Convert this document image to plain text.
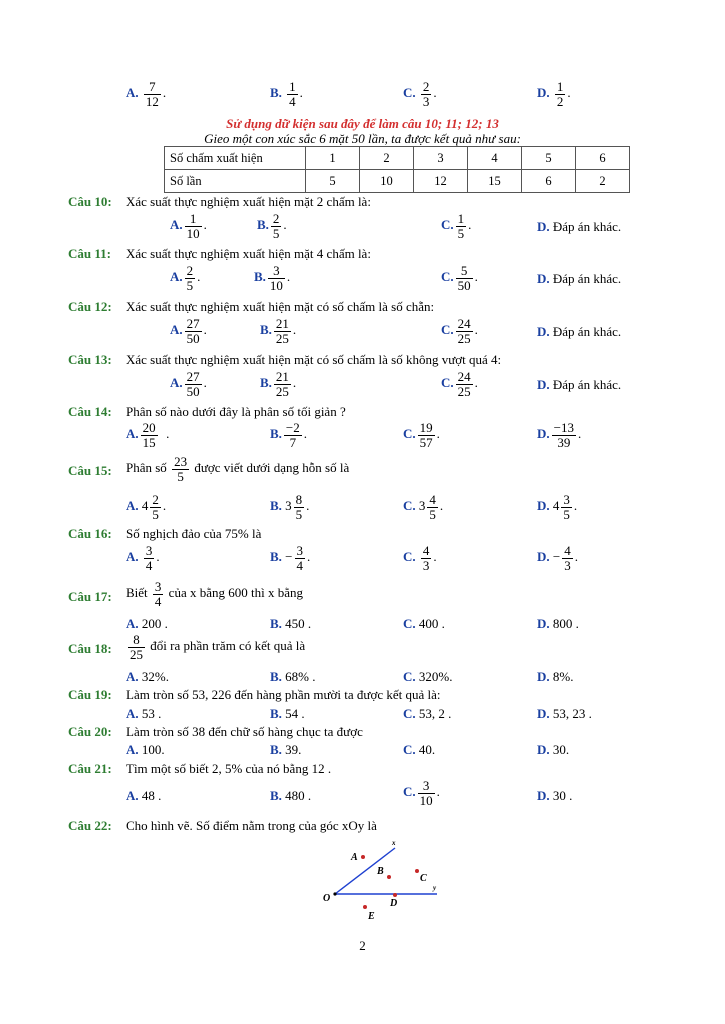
A. $\frac{7}{12}$ .	B. $\frac{1}{4}$ .	C. $\frac{2}{3}$ .	D. $\frac{1}{2}$ .
Sử dụng dữ kiện sau đây để làm câu 10; 11; 12; 13
Gieo một con xúc sắc 6 mặt 50 lần, ta được kết quả như sau:
Số chấm xuất hiện	1	2	3	4	5	6
Số lần	5	10	12	15	6	2
Câu 10: Xác suất thực nghiệm xuất hiện mặt 2 chấm là:
A. $\frac{1}{10}$ .	B. $\frac{2}{5}$ .	C. $\frac{1}{5}$ .	D. Đáp án khác.
Câu 11: Xác suất thực nghiệm xuất hiện mặt 4 chấm là:
A. $\frac{2}{5}$ .	B. $\frac{3}{10}$ .	C. $\frac{5}{50}$ .	D. Đáp án khác.
Câu 12: Xác suất thực nghiệm xuất hiện mặt có số chấm là số chẵn:
A. $\frac{27}{50}$ .	B. $\frac{21}{25}$ .	C. $\frac{24}{25}$ .	D. Đáp án khác.
Câu 13: Xác suất thực nghiệm xuất hiện mặt có số chấm là số không vượt quá 4:
A. $\frac{27}{50}$ .	B. $\frac{21}{25}$ .	C. $\frac{24}{25}$ .	D. Đáp án khác.
Câu 14: Phân số nào dưới đây là phân số tối giản ?
A. $\frac{20}{15}$ .	B. $\frac{-2}{7}$ .	C. $\frac{19}{57}$ .	D. $\frac{-13}{39}$ .
Câu 15: Phân số $\frac{23}{5}$ được viết dưới dạng hỗn số là
A. $4 \frac{2}{5}$ .	B. $3 \frac{8}{5}$ .	C. $3 \frac{4}{5}$ .	D. $4 \frac{3}{5}$ .
Câu 16: Số nghịch đảo của 75% là
A. $\frac{3}{4}$ .	B. − $\frac{3}{4}$ .	C. $\frac{4}{3}$ .	D. − $\frac{4}{3}$ .
Câu 17: Biết $\frac{3}{4}$ của x bằng 600 thì x bằng
A. 200 .	B. 450 .	C. 400 .	D. 800 .
Câu 18: $\frac{8}{25}$ đổi ra phần trăm có kết quả là
A. 32%.	B. 68% .	C. 320%.	D. 8%.
Câu 19: Làm tròn số 53, 226 đến hàng phần mười ta được kết quả là:
A. 53 .	B. 54 .	C. 53, 2 .	D. 53, 23 .
Câu 20: Làm tròn số 38 đến chữ số hàng chục ta được
A. 100.	B. 39.	C. 40.	D. 30.
Câu 21: Tìm một số biết 2, 5% của nó bằng 12 .
A. 48 .	B. 480 .	C. $\frac{3}{10}$ .	D. 30 .
Câu 22: Cho hình vẽ. Số điểm nằm trong của góc xOy là
x
y
A
B
C
D
E
O
2
